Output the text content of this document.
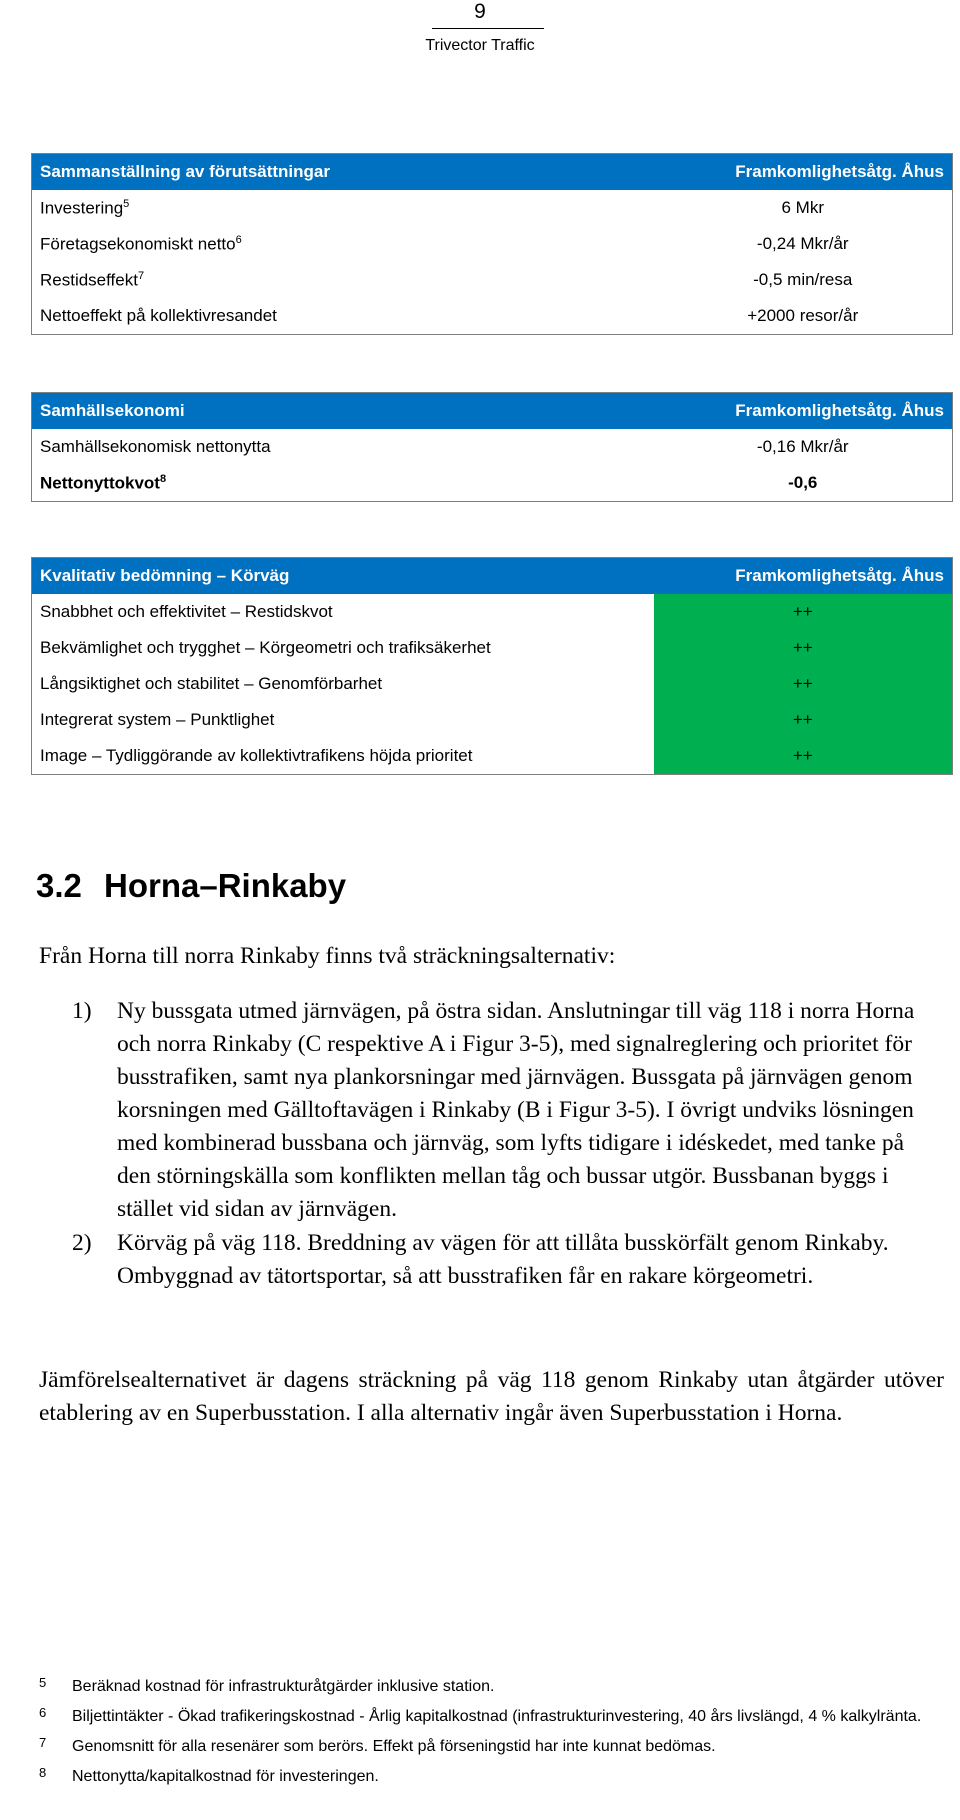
9
Trivector Traffic
Sammanställning av förutsättningar	Framkomlighetsåtg. Åhus
Investering$^5$	6 Mkr
Företagsekonomiskt netto$^6$	-0,24 Mkr/år
Restidseffekt$^7$	-0,5 min/resa
Nettoeffekt på kollektivresandet	+2000 resor/år
Samhällsekonomi	Framkomlighetsåtg. Åhus
Samhällsekonomisk nettonytta	-0,16 Mkr/år
Nettonyttokvot$^8$	-0,6
Kvalitativ bedömning – Körväg	Framkomlighetsåtg. Åhus
Snabbhet och effektivitet – Restidskvot	++
Bekvämlighet och trygghet – Körgeometri och trafiksäkerhet	++
Långsiktighet och stabilitet – Genomförbarhet	++
Integrerat system – Punktlighet	++
Image – Tydliggörande av kollektivtrafikens höjda prioritet	++
3.2 Horna–Rinkaby

Från Horna till norra Rinkaby finns två sträckningsalternativ:

1) Ny bussgata utmed järnvägen, på östra sidan. Anslutningar till väg 118 i norra Horna och norra Rinkaby (C respektive A i Figur 3-5), med signalreglering och prioritet för busstrafiken, samt nya plankorsningar med järnvägen. Bussgata på järnvägen genom korsningen med Gälltoftavägen i Rinkaby (B i Figur 3-5). I övrigt undviks lösningen med kombinerad bussbana och järnväg, som lyfts tidigare i idéskedet, med tanke på den störningskälla som konflikten mellan tåg och bussar utgör. Bussbanan byggs i stället vid sidan av järnvägen.
2) Körväg på väg 118. Breddning av vägen för att tillåta busskörfält genom Rinkaby. Ombyggnad av tätortsportar, så att busstrafiken får en rakare körgeometri.

Jämförelsealternativet är dagens sträckning på väg 118 genom Rinkaby utan åtgärder utöver etablering av en Superbusstation. I alla alternativ ingår även Superbusstation i Horna.

5 Beräknad kostnad för infrastrukturåtgärder inklusive station.
6 Biljettintäkter - Ökad trafikeringskostnad - Årlig kapitalkostnad (infrastrukturinvestering, 40 års livslängd, 4 % kalkylränta.
7 Genomsnitt för alla resenärer som berörs. Effekt på förseningstid har inte kunnat bedömas.
8 Nettonytta/kapitalkostnad för investeringen.
